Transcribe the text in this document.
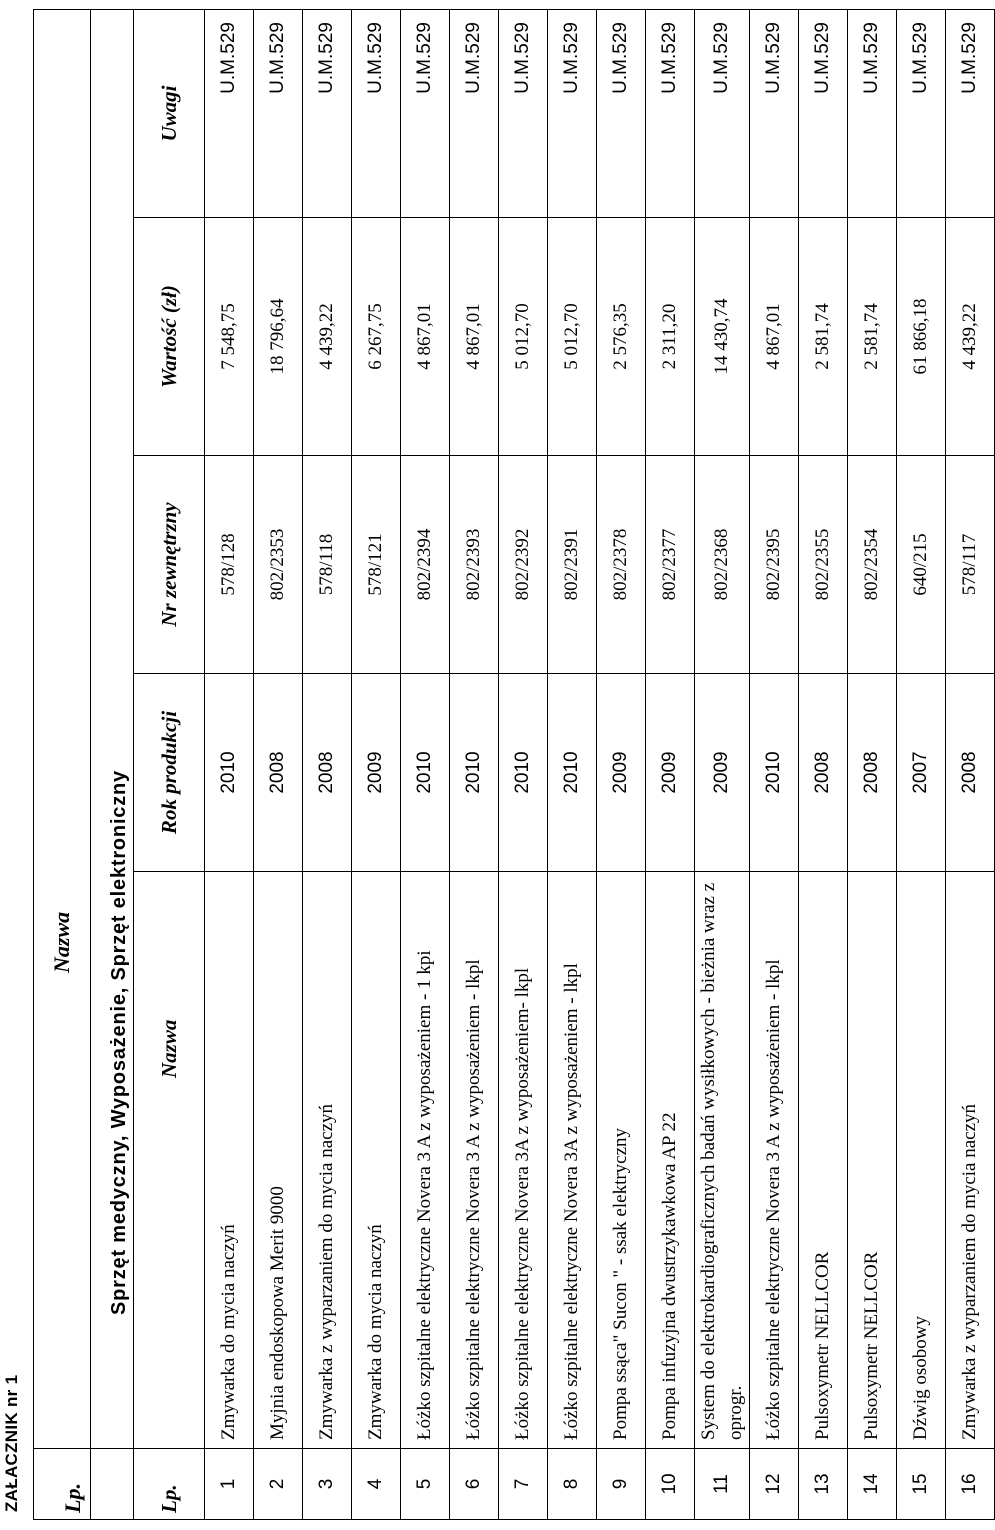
ZAŁACZNIK nr 1 Lp.	Nazwa				
	Sprzęt medyczny, Wyposażenie, Sprzęt elektroniczny				
Lp.	Nazwa	Rok produkcji	Nr zewnętrzny	Wartość (zł)	Uwagi
1	Zmywarka do mycia naczyń	2010	578/128	7 548,75	U.M.529
2	Myjnia endoskopowa Merit 9000	2008	802/2353	18 796,64	U.M.529
3	Zmywarka z wyparzaniem do mycia naczyń	2008	578/118	4 439,22	U.M.529
4	Zmywarka do mycia naczyń	2009	578/121	6 267,75	U.M.529
5	Łóżko szpitalne elektryczne Novera 3 A z wyposażeniem - 1 kpi	2010	802/2394	4 867,01	U.M.529
6	Łóżko szpitalne elektryczne Novera 3 A z wyposażeniem - lkpl	2010	802/2393	4 867,01	U.M.529
7	Łóżko szpitalne elektryczne Novera 3A z wyposażeniem- lkpl	2010	802/2392	5 012,70	U.M.529
8	Łóżko szpitalne elektryczne Novera 3A z wyposażeniem - lkpl	2010	802/2391	5 012,70	U.M.529
9	Pompa ssąca" Sucon " - ssak elektryczny	2009	802/2378	2 576,35	U.M.529
10	Pompa infuzyjna dwustrzykawkowa AP 22	2009	802/2377	2 311,20	U.M.529
11	System do elektrokardiograficznych badań wysiłkowych - bieżnia wraz z oprogr.	2009	802/2368	14 430,74	U.M.529
12	Łóżko szpitalne elektryczne Novera 3 A z wyposażeniem - lkpl	2010	802/2395	4 867,01	U.M.529
13	Pulsoxymetr NELLCOR	2008	802/2355	2 581,74	U.M.529
14	Pulsoxymetr NELLCOR	2008	802/2354	2 581,74	U.M.529
15	Dźwig osobowy	2007	640/215	61 866,18	U.M.529
16	Zmywarka z wyparzaniem do mycia naczyń	2008	578/117	4 439,22	U.M.529
